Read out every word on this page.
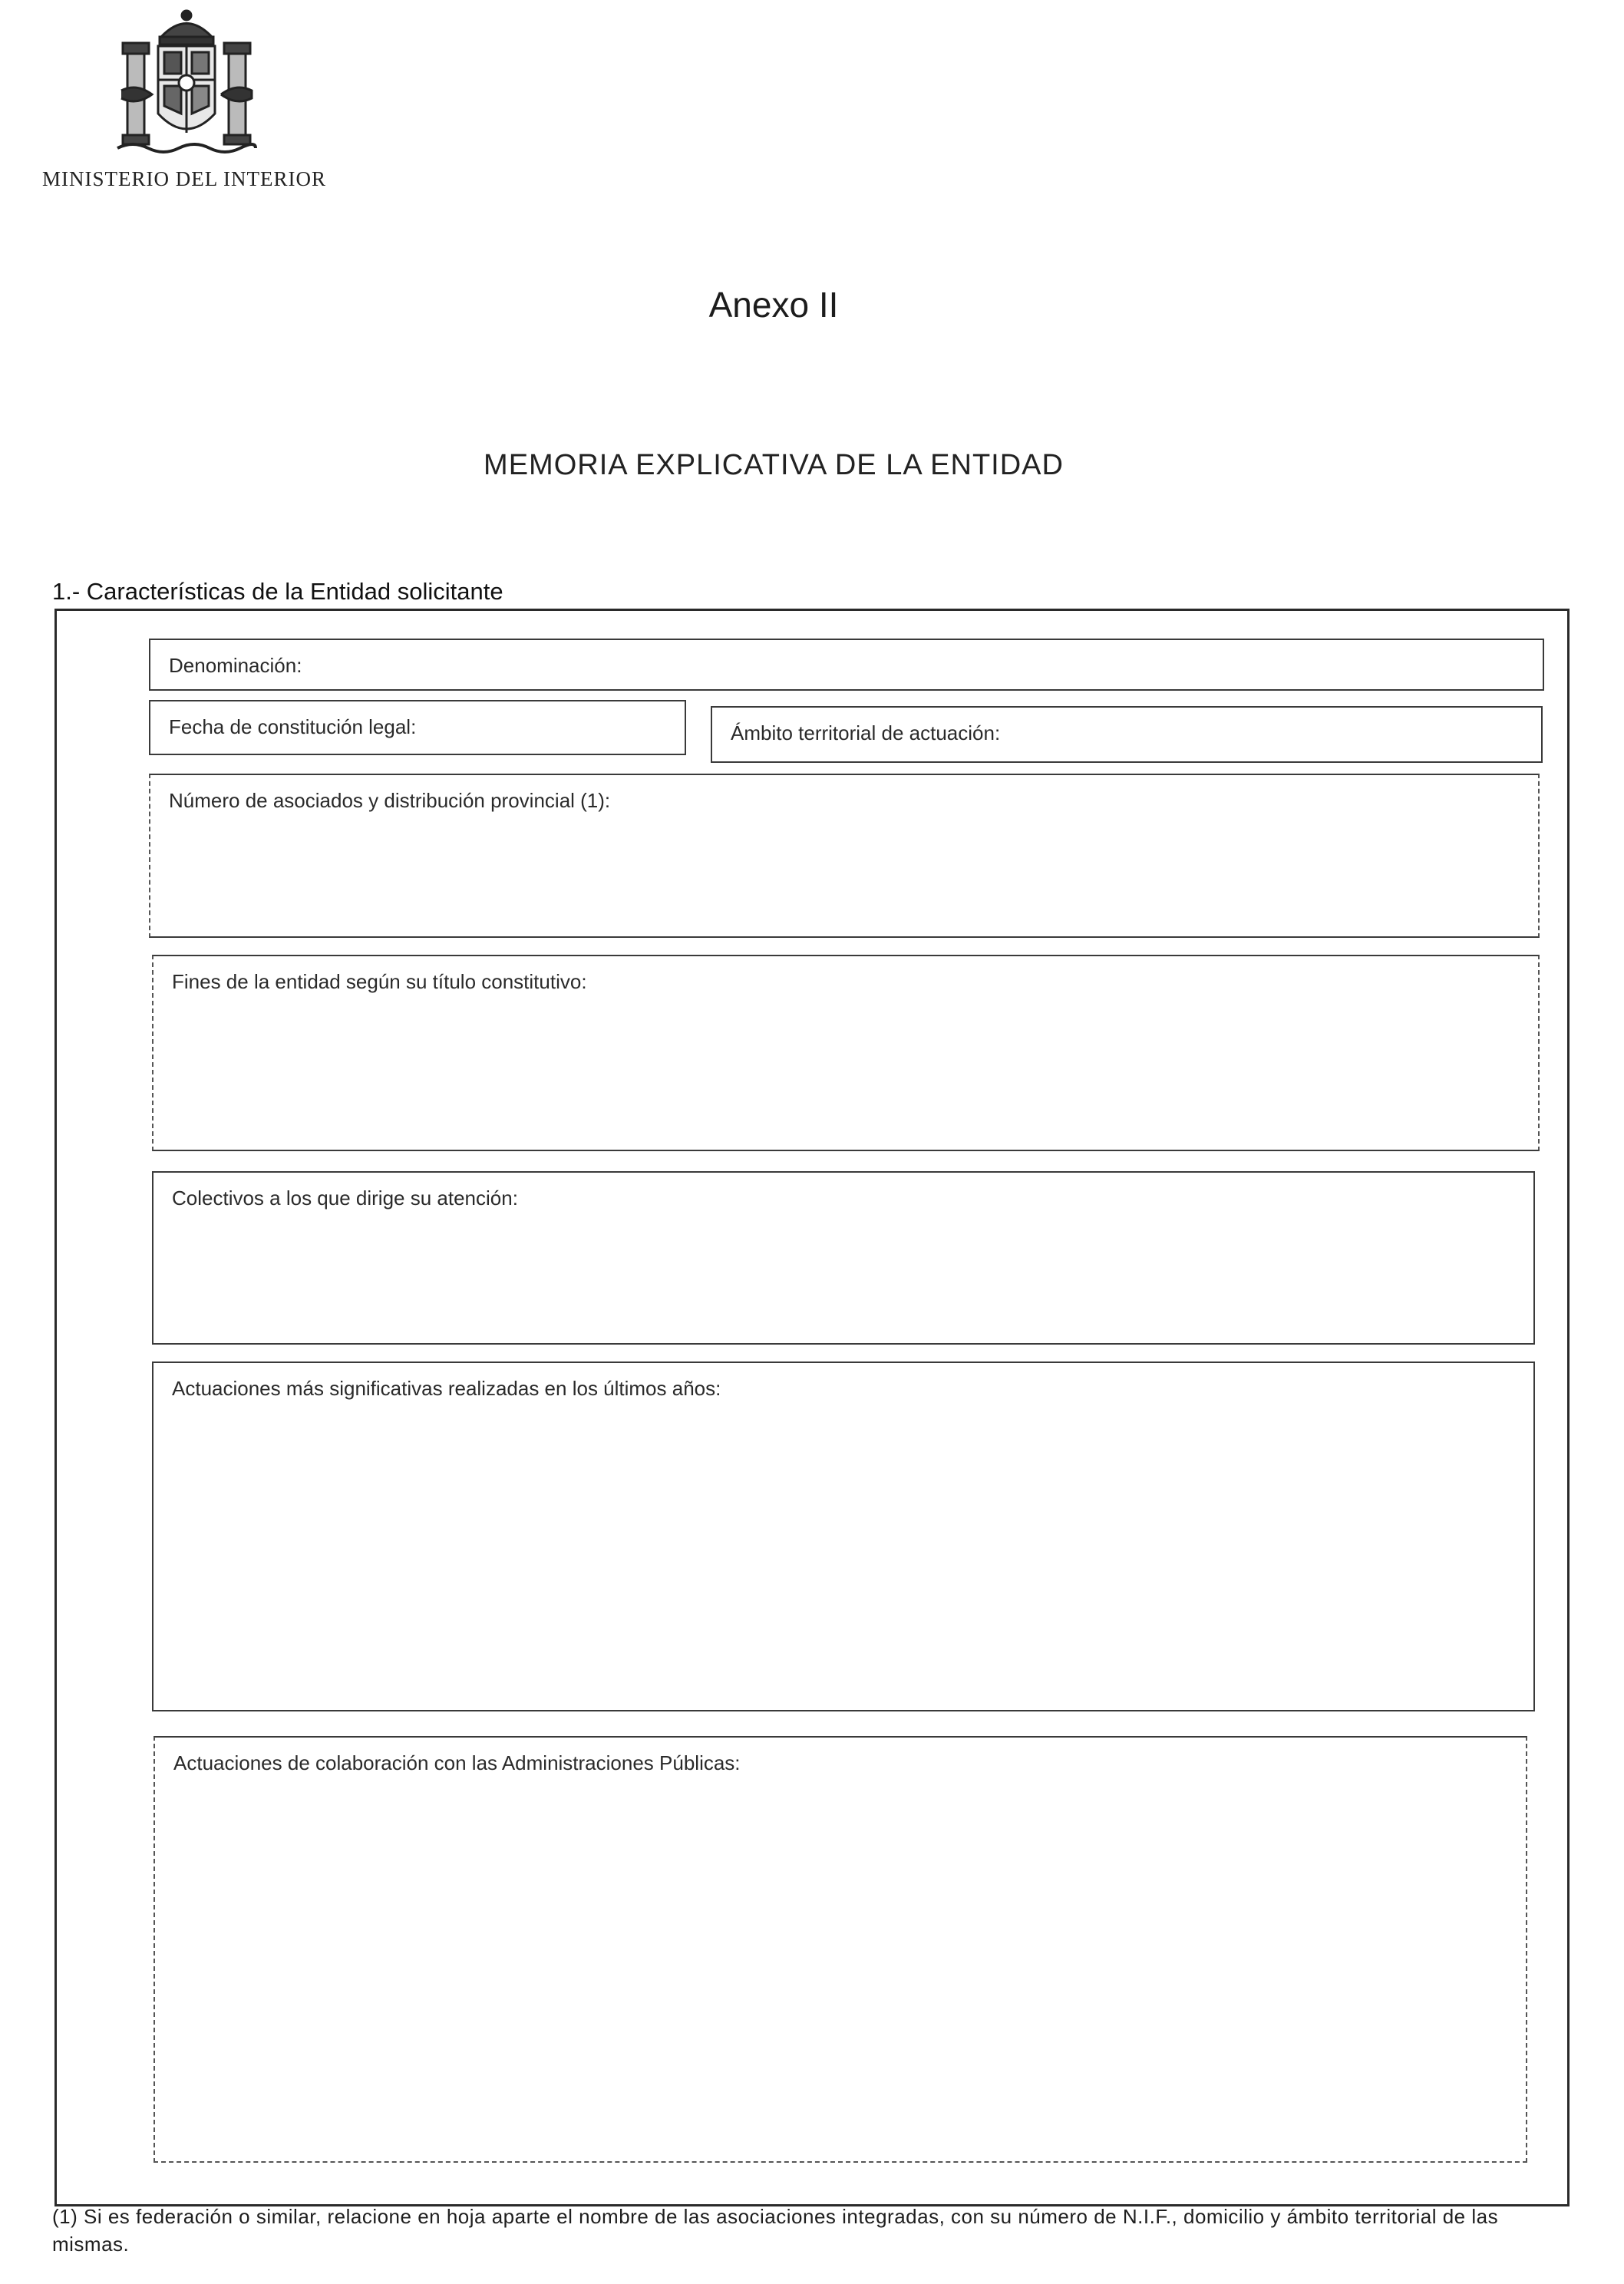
MINISTERIO DEL INTERIOR
Anexo II
MEMORIA EXPLICATIVA DE LA ENTIDAD
1.- Características de la Entidad solicitante
Denominación:
Fecha de constitución legal:	Ámbito territorial de actuación:
Número de asociados y distribución provincial (1):
Fines de la entidad según su título constitutivo:
Colectivos a los que dirige su atención:
Actuaciones más significativas realizadas en los últimos años:
Actuaciones de colaboración con las Administraciones Públicas:
(1) Si es federación o similar, relacione en hoja aparte el nombre de las asociaciones integradas, con su número de N.I.F., domicilio y ámbito territorial de las mismas.
